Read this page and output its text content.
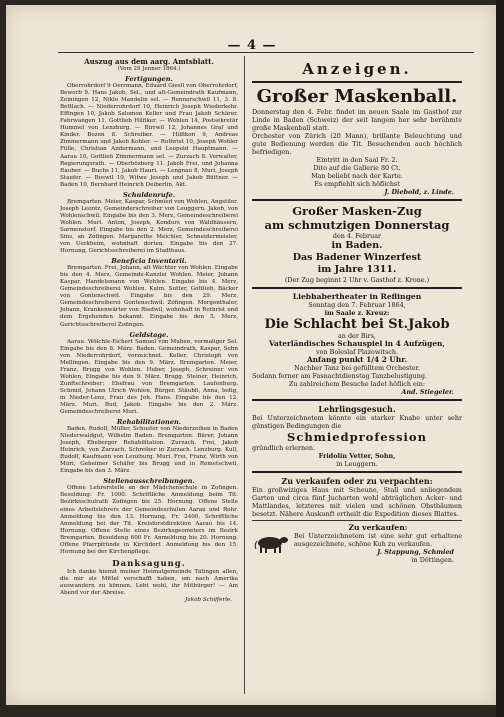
— 4 —
Auszug aus dem aarg. Amtsblatt.
(Vom 29 Jenner 1864.)
Fertigungen.

Oberrohrdorf 9 Oerrmann, Eduard Giesll von Oberrohrdorf, Bewerb 9. Hans Jakob, Sel., und alt-Gemeindrath Kaufmann, Zeiningen 12, Niklo Mandelin sel. — Rennerschwil 11, 3. 8. Bettlach. — Niederrohrdorf 10, Heinrich Joseph Wiederkehr. Effingen 10, Jakob Salomon Keller und Frau Jakob Schärer. Fahrwangen 11, Gottlieb Hilfiker. — Wohlen 14, Postsekretär Hummel von Lenzburg. — Birrwil 12, Johannes Graf und Kinder. Bozen 8. Schreiber. — Hilfikon 9, Andreas Zimmermann und Jakob Kohler. — Rothrist 10, Joseph Wohler Fülle, Christian Andermann, und Leopold Hauptmann. — Aarau 10, Gottlieb Zimmermann sel. — Zurzach 8. Verwalter, Regierungsrath. — Oberbözberg 11. Jakob Frei, und Johanna Rauber. — Buchs 11, Jakob Hauri. — Lengnau 8, Muri, Joseph Staufer. — Boswil 10, Witwe Joseph und Jakob Büttner. — Baden 10, Bernhard Heinrich Deiberlin, Akt.

Schuldenrufe.

Bremgarten. Meier, Kaspar, Schmied von Wohlen, Angstiler. Joseph Leontz, Gemeinderschreiber von Leuggern. Jakob, von Wohlenschwil. Eingabe bis den 3. Merz, Gemeindeschreiberei Wohlen. Muri. Anton, Joseph, Kondurs von Waldhäusern, Sarmenstorf. Eingabe bis den 2. Merz, Gemeindeschreiberei Sins, an Zofingen. Margarethe Meichler, Schneidermeister, von Uerkheim, wohnhaft dorten. Eingabe bis den 27. Hornung, Gerichtsschreiberei im Stadthaus.

Beneficia Inventarii.

Bremgarten. Frei, Johann, alt Wächter von Wohlen. Eingabe bis den 4. Merz, Gemeinde-Kanzlei Wohlen. Meier, Johann Kaspar, Handelsmann von Wohlen. Eingabe bis 4. Merz, Gemeindeschreiberei Wohlen. Kulm. Sutter, Gottlieb, Bäcker von Gontenschwil. Eingabe bis den 29. Merz, Gemeindeschreiberei Gontenschwil. Zofingen. Morgenthaler, Johann, Krankenwärter von Riedwil, wohnhaft in Rothrist und dem Ergehenden bekannt. Eingabe bis den 5. Merz, Gerichtsschreiberei Zofingen.

Geldstage.

Aarau. Wölchle-Eichert Samuel von Muhen, vormaliger Sel. Eingabe bis den 8. März. Baden. Gemeindrath, Kaspar, Sohn von Niederrohrdorf, verzeichnet. Keller, Christoph von Mellingen. Eingabe bis den 9. März. Bremgarten. Meier, Franz, Brugg von Wohlen. Huber, Joseph, Schreiner von Wohlen, Eingabe bis den 9. März. Brugg. Steiner, Heinrich, Zunftschreiber; Ehefrau von Bremgarten. Laufenburg. Schmid, Johann Ulrich Wohlen, Bürger. Stäubli, Anna, ledig, in Nieder-Lenz, Frau des Joh. Hans. Eingabe bis den 12. März. Muri. Bud, Jakob. Eingabe bis den 2. März. Gemeindeschreiberei Muri.

Rehabilitationen.

Baden. Rudolf, Müller, Schuster von Niederzeihen in Baden Niederwaldgut, Wilhelm Baden. Bremgarten. Bürer, Johann Joseph, Eheberger Rehabilitation. Zurzach. Frei, Jakob Heinrich, von Zurzach, Schreiber in Zurzach. Lenzburg. Kull, Rudolf, Kaufmann von Lenzburg. Muri. Frei, Franz, Wirth von Muri, Geheimer Schäfer bis Brugg und in Remetschwil, Eingabe bis den 3. März.

Stellenausschreibungen.

Offene Lehrerstelle an der Mädchenschule in Zofingen. Besoldung: Fr. 1000. Schriftliche Anmeldung beim Tit. Bezirksschulrath Zofingen bis 25. Hornung. Offene Stelle eines Arbeitslehrers der Gemeindeschulen Aarau und Rohr. Anmeldung bis den 13. Hornung, Fr. 2400. Schriftliche Anmeldung bei der Tit. Kreisforstdirektion Aarau bis 14. Hornung. Offene Stelle eines Bezirksgeometers im Bezirk Bremgarten. Besoldung 600 Fr. Anmeldung bis 20. Hornung. Offene Pfarrpfründe in Kirchdorf. Anmeldung bis den 15. Hornung bei der Kirchenpflege.

Danksagung.

Ich danke hiemit meiner Heimatgemeinde Tätingen allen, die mir als Mittel verschafft haben, um nach Amerika auswandern zu können. Lebt wohl, ihr Mitbürger! — Am Abend vor der Abreise.

Jakob Schifferle.
Anzeigen.
Großer Maskenball.
Donnerstag den 4. Febr. findet im neuen Saale im Gasthof zur Linde in Baden (Schweiz) der seit langem her sehr berühmte große Maskenball statt.
Orchester von Zürich (20 Mann), brillante Beleuchtung und gute Bedienung werden die Tit. Besuchenden auch höchlich befriedigen.
Eintritt in den Saal Fr. 2.
Dito auf die Gallerie 80 Ct.
Man beliebt nach der Karte.
Es empfiehlt sich höflichst
J. Diebold, z. Linde.
Großer Masken-Zug
am schmutzigen Donnerstag
den 4. Februar
in Baden.
Das Badener Winzerfest
im Jahre 1311.
(Der Zug beginnt 2 Uhr v. Gasthof z. Krone.)
Liebhabertheater in Reflingen
Sonntag den 7. Februar 1864,
im Saale z. Kreuz:
Die Schlacht bei St.Jakob
an der Birs,
Vaterländisches Schauspiel in 4 Aufzügen,
von Boleslaf Plazowitsch.
Anfang punkt 1/4 2 Uhr.
Nachher Tanz bei gefülltem Orchester.
Sodann ferner am Fasnachtdienstag Tanzbelustigung.
Zu zahlreichem Besuche ladet höflich ein:
And. Stiegeler.
Lehrlingsgesuch.
Bei Unterzeichnetem könnte ein starker Knabe unter sehr günstigen Bedingungen die
Schmiedprofession
gründlich erlernen.
Fridolin Vetter, Sohn,
in Leuggern.
Zu verkaufen oder zu verpachten:
Ein großwiziges Haus mit Scheune, Stall und anliegendem Garten und circa fünf Jucharten wohl abträglichen Acker- und Mattlandes, letzteres mit vielen und schönen Obstbäumen besetzt. Nähere Auskunft ertheilt die Expedition dieses Blattes.
Zu verkaufen:
Bei Unterzeichnetem ist eine sehr gut erhaltene ausgezeichnete, schöne Kuh zu verkaufen.
J. Stappung, Schmied
in Döttingen.
